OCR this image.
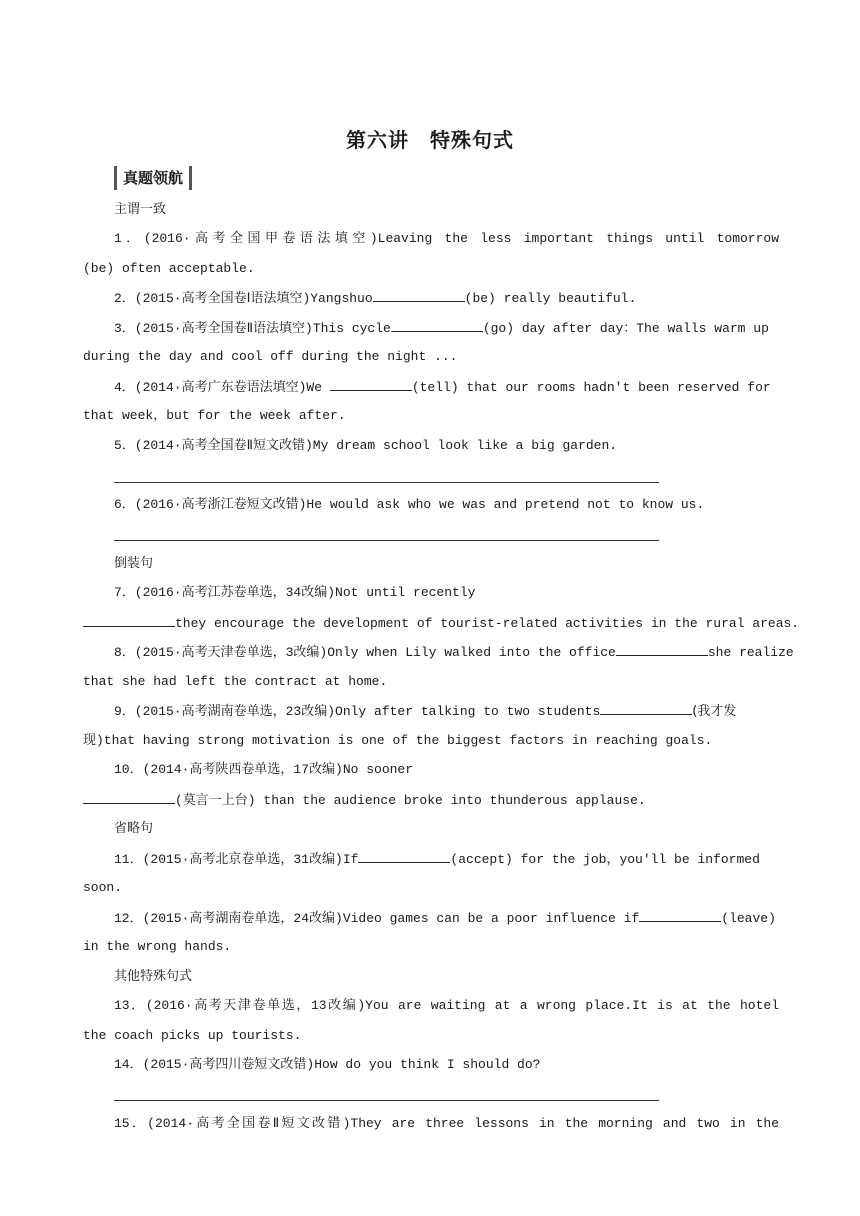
第六讲　特殊句式
真题领航
主谓一致
1．(2016·高考全国甲卷语法填空)Leaving the less important things until tomorrow
(be) often acceptable.
2．(2015·高考全国卷Ⅰ语法填空)Yangshuo	(be) really beautiful.
3．(2015·高考全国卷Ⅱ语法填空)This cycle	(go) day after day：The walls warm up
during the day and cool off during the night ...
4．(2014·高考广东卷语法填空)We	(tell) that our rooms hadn't been reserved for
that week，but for the week after.
5．(2014·高考全国卷Ⅱ短文改错)My dream school look like a big garden.
6．(2016·高考浙江卷短文改错)He would ask who we was and pretend not to know us.
倒装句
7．(2016·高考江苏卷单选，34改编)Not until recently
they encourage the development of tourist-related activities in the rural areas.
8．(2015·高考天津卷单选，3改编)Only when Lily walked into the office	she realize
that she had left the contract at home.
9．(2015·高考湖南卷单选，23改编)Only after talking to two students	(我才发
现)that having strong motivation is one of the biggest factors in reaching goals.
10．(2014·高考陕西卷单选，17改编)No sooner
(莫言一上台) than the audience broke into thunderous applause.
省略句
11．(2015·高考北京卷单选，31改编)If	(accept) for the job，you'll be informed
soon.
12．(2015·高考湖南卷单选，24改编)Video games can be a poor influence if	(leave)
in the wrong hands.
其他特殊句式
13．(2016·高考天津卷单选，13改编)You are waiting at a wrong place.It is at the hotel
the coach picks up tourists.
14．(2015·高考四川卷短文改错)How do you think I should do?
15．(2014·高考全国卷Ⅱ短文改错)They are three lessons in the morning and two in the
